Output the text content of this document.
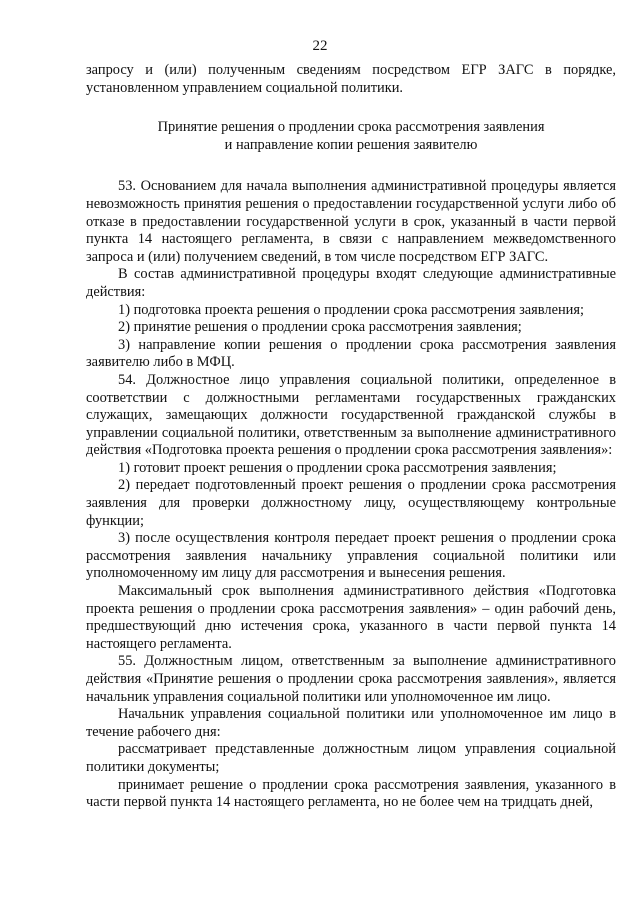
22

запросу и (или) полученным сведениям посредством ЕГР ЗАГС в порядке, установленном управлением социальной политики.

Принятие решения о продлении срока рассмотрения заявления
и направление копии решения заявителю

53. Основанием для начала выполнения административной процедуры является невозможность принятия решения о предоставлении государственной услуги либо об отказе в предоставлении государственной услуги в срок, указанный в части первой пункта 14 настоящего регламента, в связи с направлением межведомственного запроса и (или) получением сведений, в том числе посредством ЕГР ЗАГС.

В состав административной процедуры входят следующие административные действия:

1) подготовка проекта решения о продлении срока рассмотрения заявления;

2) принятие решения о продлении срока рассмотрения заявления;

3) направление копии решения о продлении срока рассмотрения заявления заявителю либо в МФЦ.

54. Должностное лицо управления социальной политики, определенное в соответствии с должностными регламентами государственных гражданских служащих, замещающих должности государственной гражданской службы в управлении социальной политики, ответственным за выполнение административного действия «Подготовка проекта решения о продлении срока рассмотрения заявления»:

1) готовит проект решения о продлении срока рассмотрения заявления;

2) передает подготовленный проект решения о продлении срока рассмотрения заявления для проверки должностному лицу, осуществляющему контрольные функции;

3) после осуществления контроля передает проект решения о продлении срока рассмотрения заявления начальнику управления социальной политики или уполномоченному им лицу для рассмотрения и вынесения решения.

Максимальный срок выполнения административного действия «Подготовка проекта решения о продлении срока рассмотрения заявления» – один рабочий день, предшествующий дню истечения срока, указанного в части первой пункта 14 настоящего регламента.

55. Должностным лицом, ответственным за выполнение административного действия «Принятие решения о продлении срока рассмотрения заявления», является начальник управления социальной политики или уполномоченное им лицо.

Начальник управления социальной политики или уполномоченное им лицо в течение рабочего дня:

рассматривает представленные должностным лицом управления социальной политики документы;

принимает решение о продлении срока рассмотрения заявления, указанного в части первой пункта 14 настоящего регламента, но не более чем на тридцать дней,
